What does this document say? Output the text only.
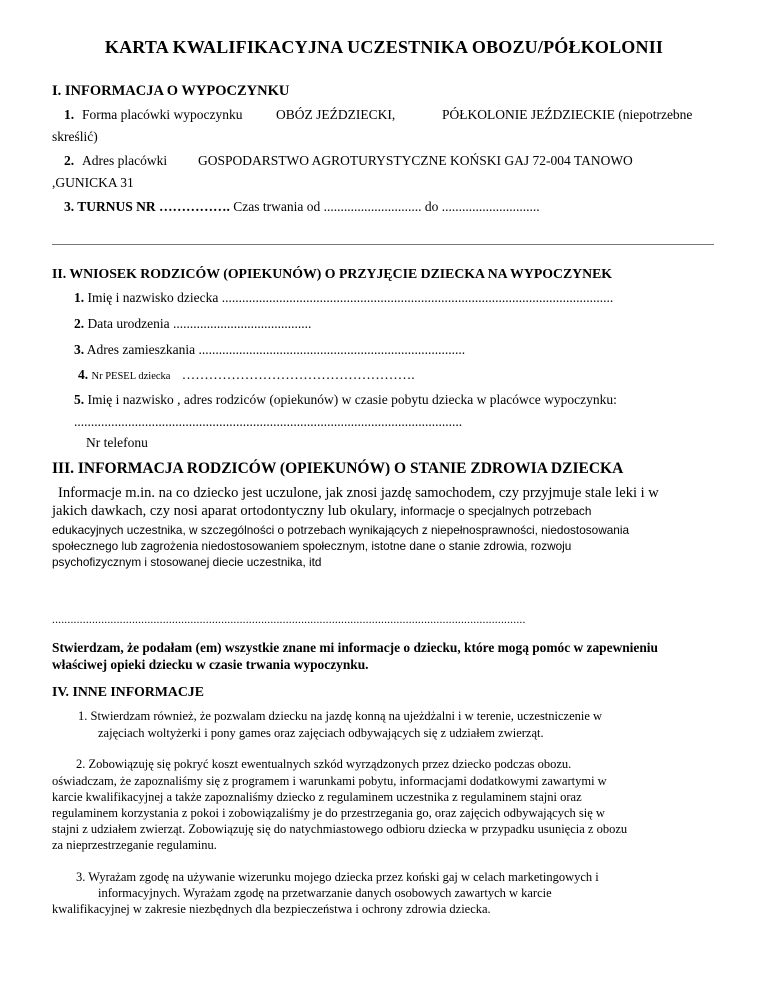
KARTA KWALIFIKACYJNA UCZESTNIKA OBOZU/PÓŁKOLONII
I. INFORMACJA O WYPOCZYNKU
1. Forma placówki wypoczynku OBÓZ JEŹDZIECKI,	PÓŁKOLONIE JEŹDZIECKIE (niepotrzebne
skreślić)
2. Adres placówki GOSPODARSTWO AGROTURYSTYCZNE KOŃSKI GAJ 72-004 TANOWO
,GUNICKA 31
3. TURNUS NR ……………. Czas trwania od ............................. do .............................
II. WNIOSEK RODZICÓW (OPIEKUNÓW) O PRZYJĘCIE DZIECKA NA WYPOCZYNEK
1. Imię i nazwisko dziecka ....................................................................................................................
2. Data urodzenia .........................................
3. Adres zamieszkania ...............................................................................
4. Nr PESEL dziecka …………………………………………….
5. Imię i nazwisko , adres rodziców (opiekunów) w czasie pobytu dziecka w placówce wypoczynku:
...................................................................................................................
Nr telefonu
III. INFORMACJA RODZICÓW (OPIEKUNÓW) O STANIE ZDROWIA DZIECKA
Informacje m.in. na co dziecko jest uczulone, jak znosi jazdę samochodem, czy przyjmuje stale leki i w
jakich dawkach, czy nosi aparat ortodontyczny lub okulary, informacje o specjalnych potrzebach
edukacyjnych uczestnika, w szczególności o potrzebach wynikających z niepełnosprawności, niedostosowania
społecznego lub zagrożenia niedostosowaniem społecznym, istotne dane o stanie zdrowia, rozwoju
psychofizycznym i stosowanej diecie uczestnika, itd
..........................................................................................................................................................
Stwierdzam, że podałam (em) wszystkie znane mi informacje o dziecku, które mogą pomóc w zapewnieniu
właściwej opieki dziecku w czasie trwania wypoczynku.
IV. INNE INFORMACJE
1. Stwierdzam również, że pozwalam dziecku na jazdę konną na ujeżdżalni i w terenie, uczestniczenie w
zajęciach woltyżerki i pony games oraz zajęciach odbywających się z udziałem zwierząt.
2. Zobowiązuję się pokryć koszt ewentualnych szkód wyrządzonych przez dziecko podczas obozu.
oświadczam, że zapoznaliśmy się z programem i warunkami pobytu, informacjami dodatkowymi zawartymi w
karcie kwalifikacyjnej a także zapoznaliśmy dziecko z regulaminem uczestnika z regulaminem stajni oraz
regulaminem korzystania z pokoi i zobowiązaliśmy je do przestrzegania go, oraz zajęcich odbywających się w
stajni z udziałem zwierząt. Zobowiązuję się do natychmiastowego odbioru dziecka w przypadku usunięcia z obozu
za nieprzestrzeganie regulaminu.
3. Wyrażam zgodę na używanie wizerunku mojego dziecka przez koński gaj w celach marketingowych i
informacyjnych. Wyrażam zgodę na przetwarzanie danych osobowych zawartych w karcie
kwalifikacyjnej w zakresie niezbędnych dla bezpieczeństwa i ochrony zdrowia dziecka.
